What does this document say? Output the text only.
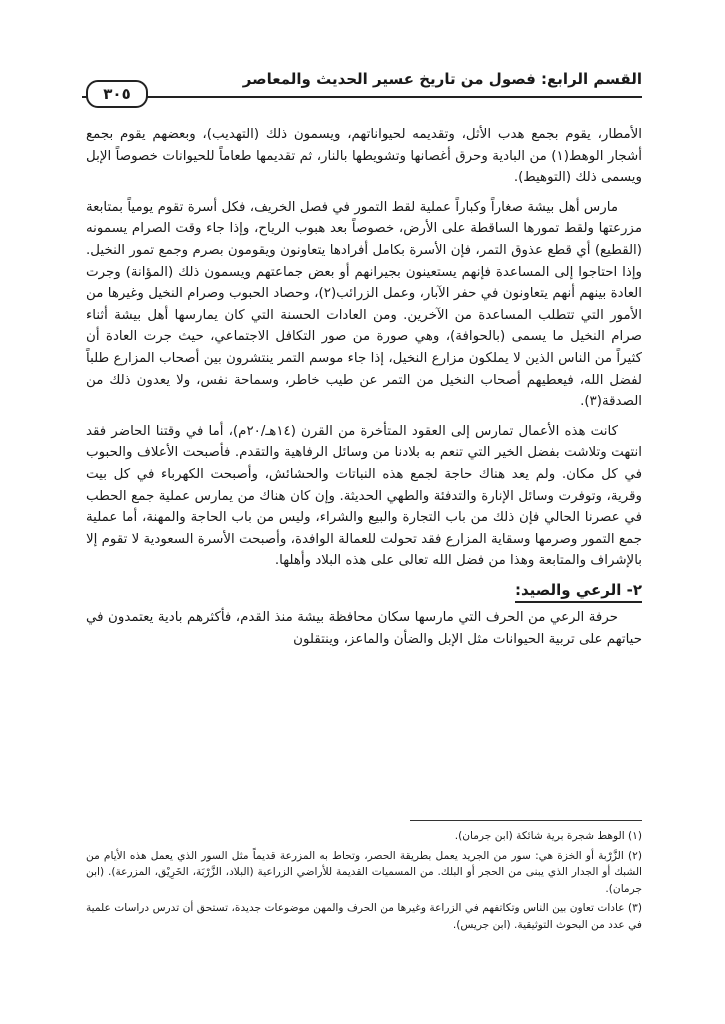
القسم الرابع: فصول من تاريخ عسير الحديث والمعاصر
٣٠٥

الأمطار، يقوم بجمع هدب الأثل، وتقديمه لحيواناتهم، ويسمون ذلك (التهديب)، وبعضهم يقوم بجمع أشجار الوهط(١) من البادية وحرق أغصانها وتشويطها بالنار، ثم تقديمها طعاماً للحيوانات خصوصاً الإبل ويسمى ذلك (التوهيط).

مارس أهل بيشة صغاراً وكباراً عملية لقط التمور في فصل الخريف، فكل أسرة تقوم يومياً بمتابعة مزرعتها ولقط تمورها الساقطة على الأرض، خصوصاً بعد هبوب الرياح، وإذا جاء وقت الصرام يسمونه (القطيع) أي قطع عذوق التمر، فإن الأسرة بكامل أفرادها يتعاونون ويقومون بصرم وجمع تمور النخيل. وإذا احتاجوا إلى المساعدة فإنهم يستعينون بجيرانهم أو بعض جماعتهم ويسمون ذلك (المؤانة) وجرت العادة بينهم أنهم يتعاونون في حفر الآبار، وعمل الزرائب(٢)، وحصاد الحبوب وصرام النخيل وغيرها من الأمور التي تتطلب المساعدة من الآخرين. ومن العادات الحسنة التي كان يمارسها أهل بيشة أثناء صرام النخيل ما يسمى (بالحوافة)، وهي صورة من صور التكافل الاجتماعي، حيث جرت العادة أن كثيراً من الناس الذين لا يملكون مزارع النخيل، إذا جاء موسم التمر ينتشرون بين أصحاب المزارع طلباً لفضل الله، فيعطيهم أصحاب النخيل من التمر عن طيب خاطر، وسماحة نفس، ولا يعدون ذلك من الصدقة(٣).

كانت هذه الأعمال تمارس إلى العقود المتأخرة من القرن (١٤هـ/٢٠م)، أما في وقتنا الحاضر فقد انتهت وتلاشت بفضل الخير التي تنعم به بلادنا من وسائل الرفاهية والتقدم. فأصبحت الأعلاف والحبوب في كل مكان. ولم يعد هناك حاجة لجمع هذه النباتات والحشائش، وأصبحت الكهرباء في كل بيت وقرية، وتوفرت وسائل الإنارة والتدفئة والطهي الحديثة. وإن كان هناك من يمارس عملية جمع الحطب في عصرنا الحالي فإن ذلك من باب التجارة والبيع والشراء، وليس من باب الحاجة والمهنة، أما عملية جمع التمور وصرمها وسقاية المزارع فقد تحولت للعمالة الوافدة، وأصبحت الأسرة السعودية لا تقوم إلا بالإشراف والمتابعة وهذا من فضل الله تعالى على هذه البلاد وأهلها.

٢- الرعي والصيد:

حرفة الرعي من الحرف التي مارسها سكان محافظة بيشة منذ القدم، فأكثرهم بادية يعتمدون في حياتهم على تربية الحيوانات مثل الإبل والضأن والماعز، وينتقلون

(١) الوهط شجرة برية شائكة (ابن جرمان).

(٢) الزَّرْبة أو الخزة هي: سور من الجريد يعمل بطريقة الحصر، وتحاط به المزرعة قديماً مثل السور الذي يعمل هذه الأيام من الشبك أو الجدار الذي يبنى من الحجر أو البلك. من المسميات القديمة للأراضي الزراعية (البلاد، الزَّرْبَة، الخَرِيْق، المزرعة). (ابن جرمان).

(٣) عادات تعاون بين الناس وتكاتفهم في الزراعة وغيرها من الحرف والمهن موضوعات جديدة، تستحق أن تدرس دراسات علمية في عدد من البحوث التوثيقية. (ابن جريس).
